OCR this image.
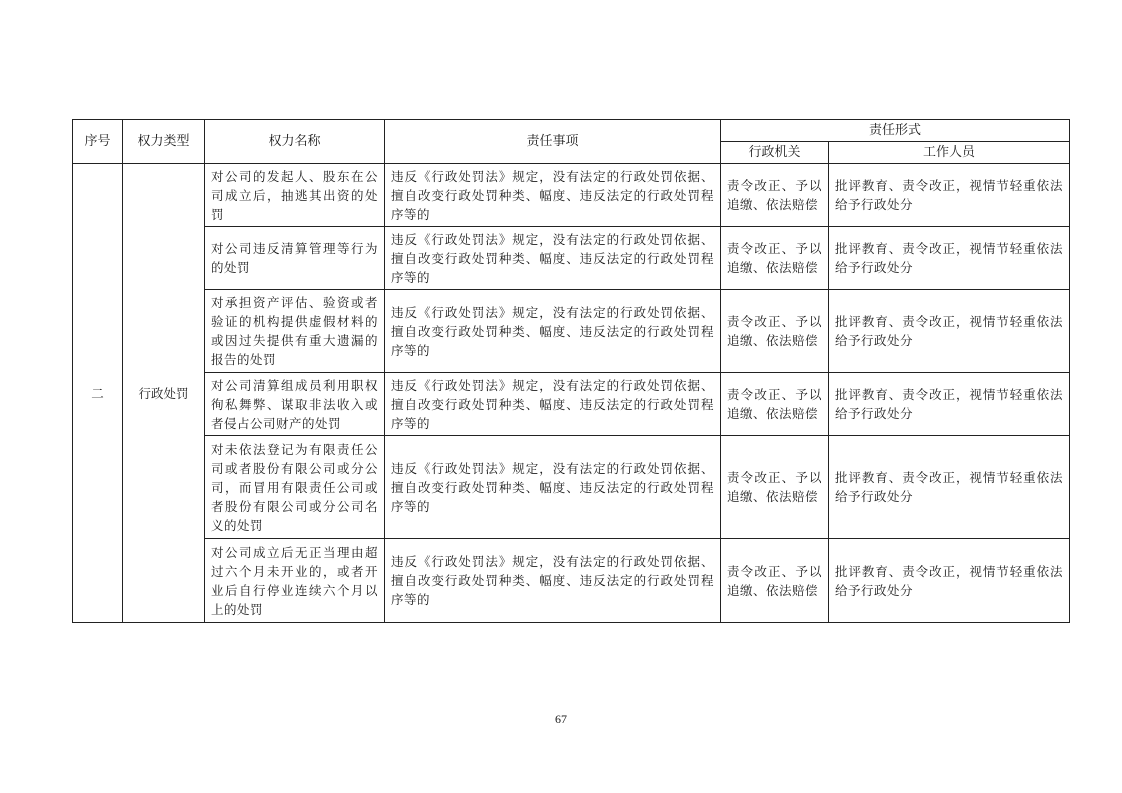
序号	权力类型	权力名称	责任事项	责任形式	
				行政机关	工作人员
二	行政处罚	对公司的发起人、股东在公司成立后，抽逃其出资的处罚	违反《行政处罚法》规定，没有法定的行政处罚依据、擅自改变行政处罚种类、幅度、违反法定的行政处罚程序等的	责令改正、予以追缴、依法赔偿	批评教育、责令改正，视情节轻重依法给予行政处分
		对公司违反清算管理等行为的处罚	违反《行政处罚法》规定，没有法定的行政处罚依据、擅自改变行政处罚种类、幅度、违反法定的行政处罚程序等的	责令改正、予以追缴、依法赔偿	批评教育、责令改正，视情节轻重依法给予行政处分
		对承担资产评估、验资或者验证的机构提供虚假材料的或因过失提供有重大遗漏的报告的处罚	违反《行政处罚法》规定，没有法定的行政处罚依据、擅自改变行政处罚种类、幅度、违反法定的行政处罚程序等的	责令改正、予以追缴、依法赔偿	批评教育、责令改正，视情节轻重依法给予行政处分
		对公司清算组成员利用职权徇私舞弊、谋取非法收入或者侵占公司财产的处罚	违反《行政处罚法》规定，没有法定的行政处罚依据、擅自改变行政处罚种类、幅度、违反法定的行政处罚程序等的	责令改正、予以追缴、依法赔偿	批评教育、责令改正，视情节轻重依法给予行政处分
		对未依法登记为有限责任公司或者股份有限公司或分公司，而冒用有限责任公司或者股份有限公司或分公司名义的处罚	违反《行政处罚法》规定，没有法定的行政处罚依据、擅自改变行政处罚种类、幅度、违反法定的行政处罚程序等的	责令改正、予以追缴、依法赔偿	批评教育、责令改正，视情节轻重依法给予行政处分
		对公司成立后无正当理由超过六个月未开业的，或者开业后自行停业连续六个月以上的处罚	违反《行政处罚法》规定，没有法定的行政处罚依据、擅自改变行政处罚种类、幅度、违反法定的行政处罚程序等的	责令改正、予以追缴、依法赔偿	批评教育、责令改正，视情节轻重依法给予行政处分
67
